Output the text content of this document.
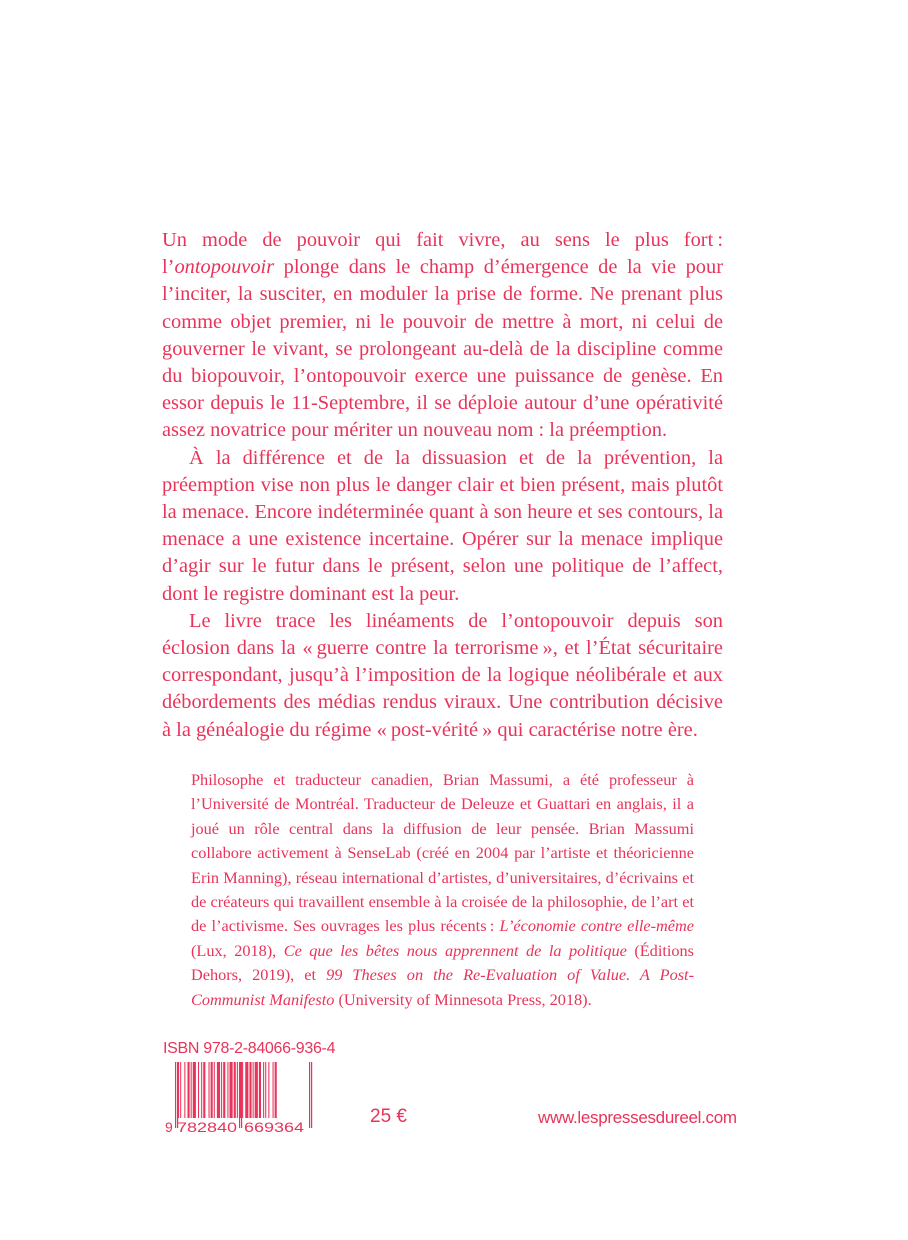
Un mode de pouvoir qui fait vivre, au sens le plus fort : l’ontopouvoir plonge dans le champ d’émergence de la vie pour l’inciter, la susciter, en moduler la prise de forme. Ne prenant plus comme objet premier, ni le pouvoir de mettre à mort, ni celui de gouverner le vivant, se prolongeant au-delà de la discipline comme du biopouvoir, l’ontopouvoir exerce une puissance de genèse. En essor depuis le 11-Septembre, il se déploie autour d’une opérativité assez novatrice pour mériter un nouveau nom : la préemption.

À la différence et de la dissuasion et de la prévention, la préemption vise non plus le danger clair et bien présent, mais plutôt la menace. Encore indéterminée quant à son heure et ses contours, la menace a une existence incertaine. Opérer sur la menace implique d’agir sur le futur dans le présent, selon une politique de l’affect, dont le registre dominant est la peur.

Le livre trace les linéaments de l’ontopouvoir depuis son éclosion dans la « guerre contre la terrorisme », et l’État sécuritaire correspondant, jusqu’à l’imposition de la logique néolibérale et aux débordements des médias rendus viraux. Une contribution décisive à la généalogie du régime « post-vérité » qui caractérise notre ère.

Philosophe et traducteur canadien, Brian Massumi, a été professeur à l’Université de Montréal. Traducteur de Deleuze et Guattari en anglais, il a joué un rôle central dans la diffusion de leur pensée. Brian Massumi collabore activement à SenseLab (créé en 2004 par l’artiste et théoricienne Erin Manning), réseau international d’artistes, d’universitaires, d’écrivains et de créateurs qui travaillent ensemble à la croisée de la philosophie, de l’art et de l’activisme. Ses ouvrages les plus récents : L’économie contre elle-même (Lux, 2018), Ce que les bêtes nous apprennent de la politique (Éditions Dehors, 2019), et 99 Theses on the Re-Evaluation of Value. A Post-Communist Manifesto (University of Minnesota Press, 2018).

ISBN 978-2-84066-936-4
9 782840 669364	25 €	www.lespressesdureel.com
